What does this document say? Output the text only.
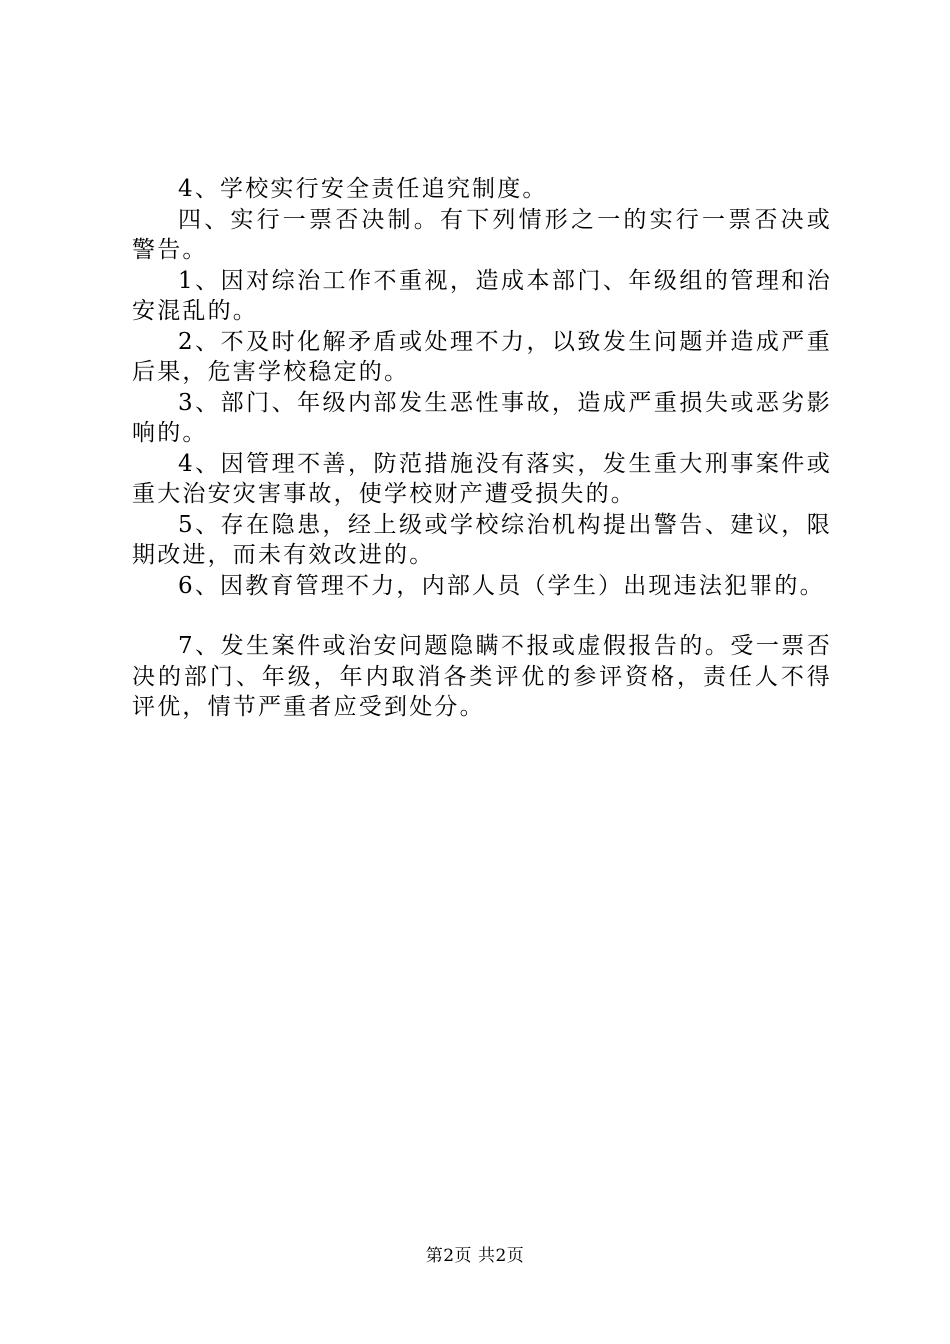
4、学校实行安全责任追究制度。

四、实行一票否决制。有下列情形之一的实行一票否决或警告。

1、因对综治工作不重视，造成本部门、年级组的管理和治安混乱的。

2、不及时化解矛盾或处理不力，以致发生问题并造成严重后果，危害学校稳定的。

3、部门、年级内部发生恶性事故，造成严重损失或恶劣影响的。

4、因管理不善，防范措施没有落实，发生重大刑事案件或重大治安灾害事故，使学校财产遭受损失的。

5、存在隐患，经上级或学校综治机构提出警告、建议，限期改进，而未有效改进的。

6、因教育管理不力，内部人员（学生）出现违法犯罪的。

7、发生案件或治安问题隐瞒不报或虚假报告的。受一票否决的部门、年级，年内取消各类评优的参评资格，责任人不得评优，情节严重者应受到处分。

第2页 共2页
